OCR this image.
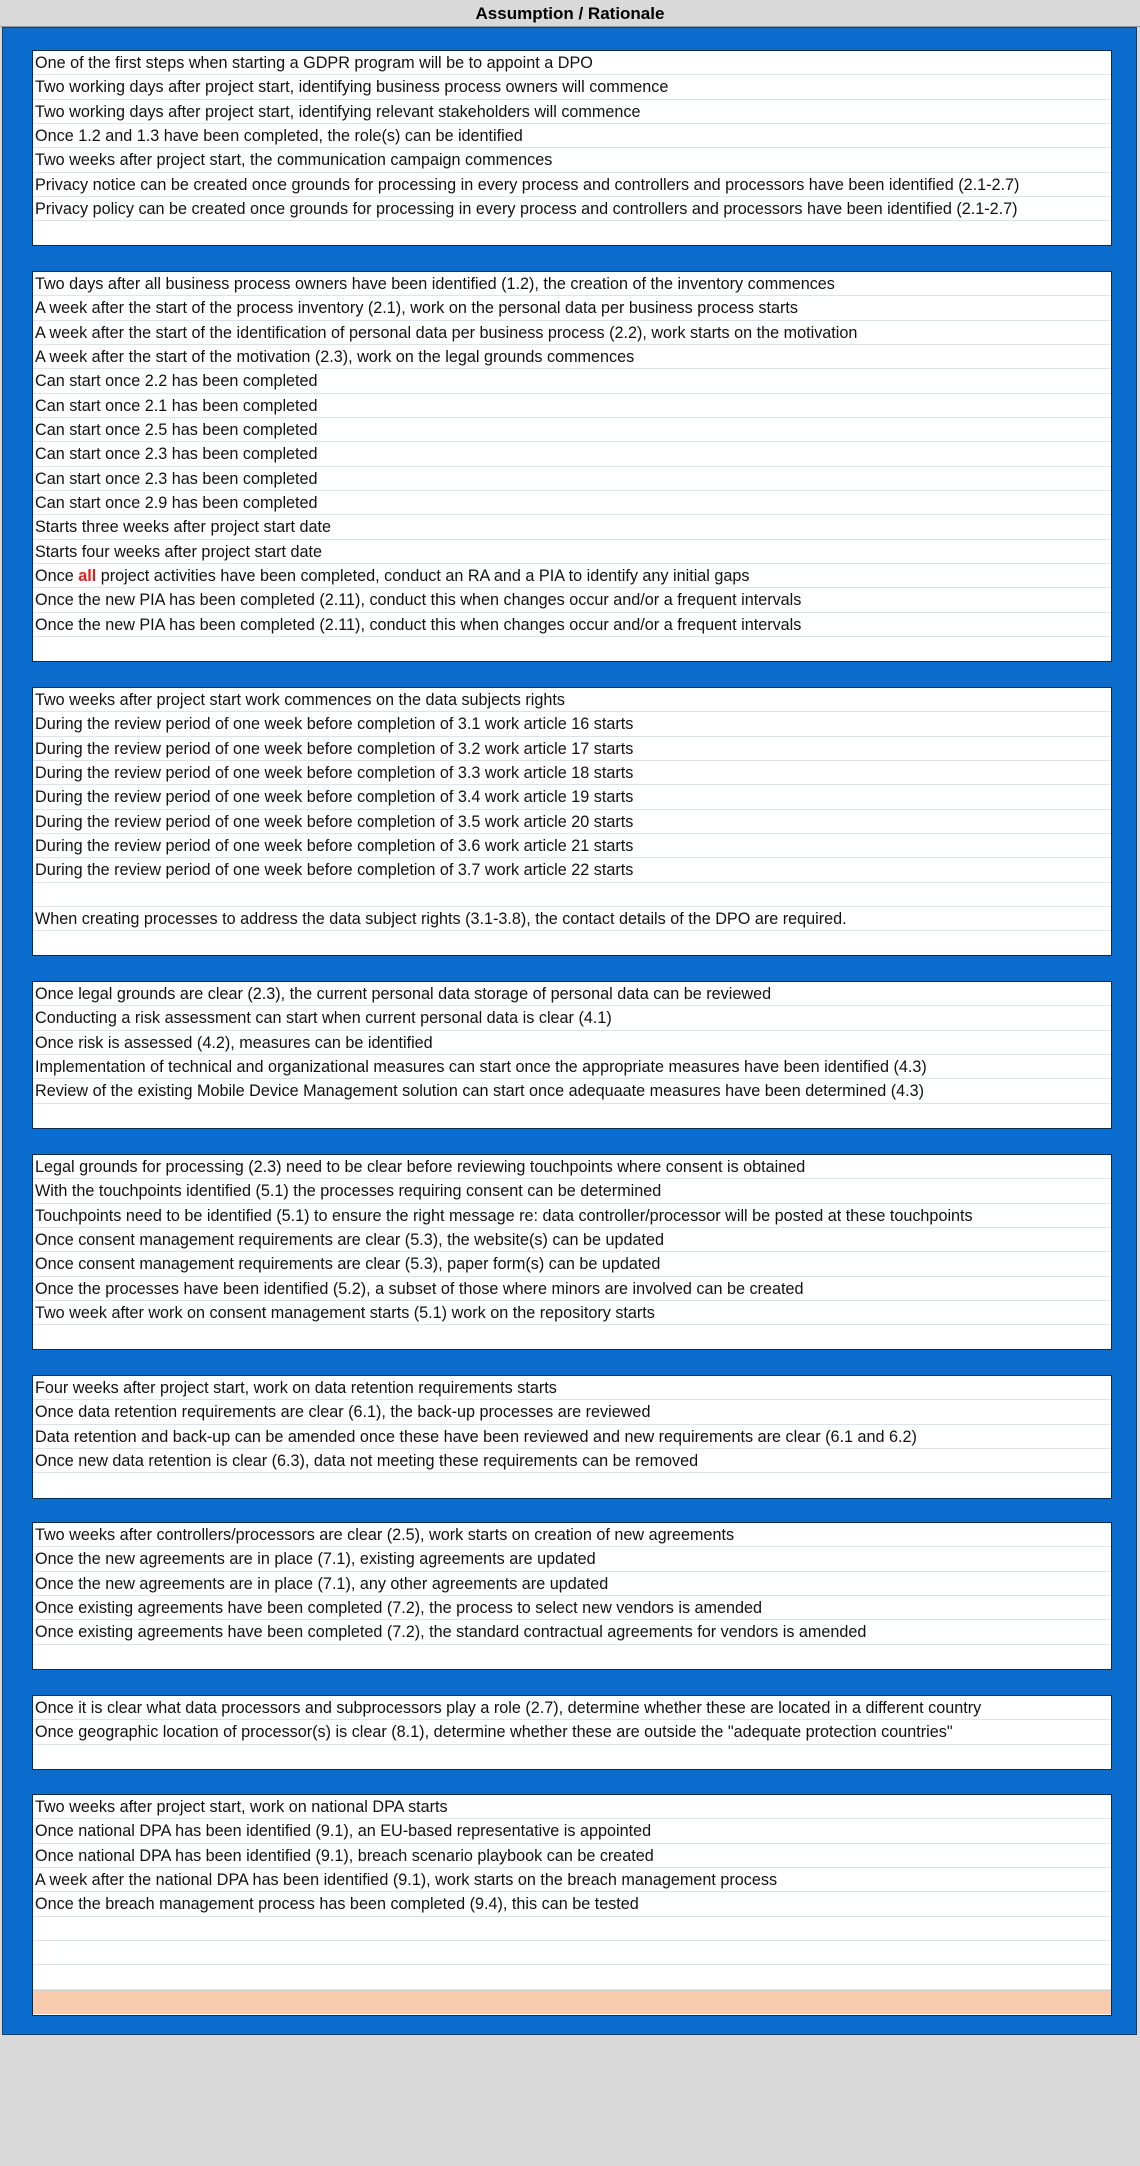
Assumption / Rationale
One of the first steps when starting a GDPR program will be to appoint a DPO
Two working days after project start, identifying business process owners will commence
Two working days after project start, identifying relevant stakeholders will commence
Once 1.2 and 1.3 have been completed, the role(s) can be identified
Two weeks after project start, the communication campaign commences
Privacy notice can be created once grounds for processing in every process and controllers and processors have been identified (2.1-2.7)
Privacy policy can be created once grounds for processing in every process and controllers and processors have been identified (2.1-2.7)
Two days after all business process owners have been identified (1.2), the creation of the inventory commences
A week after the start of the process inventory (2.1), work on the personal data per business process starts
A week after the start of the identification of personal data per business process (2.2), work starts on the motivation
A week after the start of the motivation (2.3), work on the legal grounds commences
Can start once 2.2 has been completed
Can start once 2.1 has been completed
Can start once 2.5 has been completed
Can start once 2.3 has been completed
Can start once 2.3 has been completed
Can start once 2.9 has been completed
Starts three weeks after project start date
Starts four weeks after project start date
Once all project activities have been completed, conduct an RA and a PIA to identify any initial gaps
Once the new PIA has been completed (2.11), conduct this when changes occur and/or a frequent intervals
Once the new PIA has been completed (2.11), conduct this when changes occur and/or a frequent intervals
Two weeks after project start work commences on the data subjects rights
During the review period of one week before completion of 3.1 work article 16 starts
During the review period of one week before completion of 3.2 work article 17 starts
During the review period of one week before completion of 3.3 work article 18 starts
During the review period of one week before completion of 3.4 work article 19 starts
During the review period of one week before completion of 3.5 work article 20 starts
During the review period of one week before completion of 3.6 work article 21 starts
During the review period of one week before completion of 3.7 work article 22 starts
When creating processes to address the data subject rights (3.1-3.8), the contact details of the DPO are required.
Once legal grounds are clear (2.3), the current personal data storage of personal data can be reviewed
Conducting a risk assessment can start when current personal data is clear (4.1)
Once risk is assessed (4.2), measures can be identified
Implementation of technical and organizational measures can start once the appropriate measures have been identified (4.3)
Review of the existing Mobile Device Management solution can start once adequaate measures have been determined (4.3)
Legal grounds for processing (2.3) need to be clear before reviewing touchpoints where consent is obtained
With the touchpoints identified (5.1) the processes requiring consent can be determined
Touchpoints need to be identified (5.1) to ensure the right message re: data controller/processor will be posted at these touchpoints
Once consent management requirements are clear (5.3), the website(s) can be updated
Once consent management requirements are clear (5.3), paper form(s) can be updated
Once the processes have been identified (5.2), a subset of those where minors are involved can be created
Two week after work on consent management starts (5.1) work on the repository starts
Four weeks after project start, work on data retention requirements starts
Once data retention requirements are clear (6.1), the back-up processes are reviewed
Data retention and back-up can be amended once these have been reviewed and new requirements are clear (6.1 and 6.2)
Once new data retention is clear (6.3), data not meeting these requirements can be removed
Two weeks after controllers/processors are clear (2.5), work starts on creation of new agreements
Once the new agreements are in place (7.1), existing agreements are updated
Once the new agreements are in place (7.1), any other agreements are updated
Once existing agreements have been completed (7.2), the process to select new vendors is amended
Once existing agreements have been completed (7.2), the standard contractual agreements for vendors is amended
Once it is clear what data processors and subprocessors play a role (2.7), determine whether these are located in a different country
Once geographic location of processor(s) is clear (8.1), determine whether these are outside the "adequate protection countries"
Two weeks after project start, work on national DPA starts
Once national DPA has been identified (9.1), an EU-based representative is appointed
Once national DPA has been identified (9.1), breach scenario playbook can be created
A week after the national DPA has been identified (9.1), work starts on the breach management process
Once the breach management process has been completed (9.4), this can be tested
